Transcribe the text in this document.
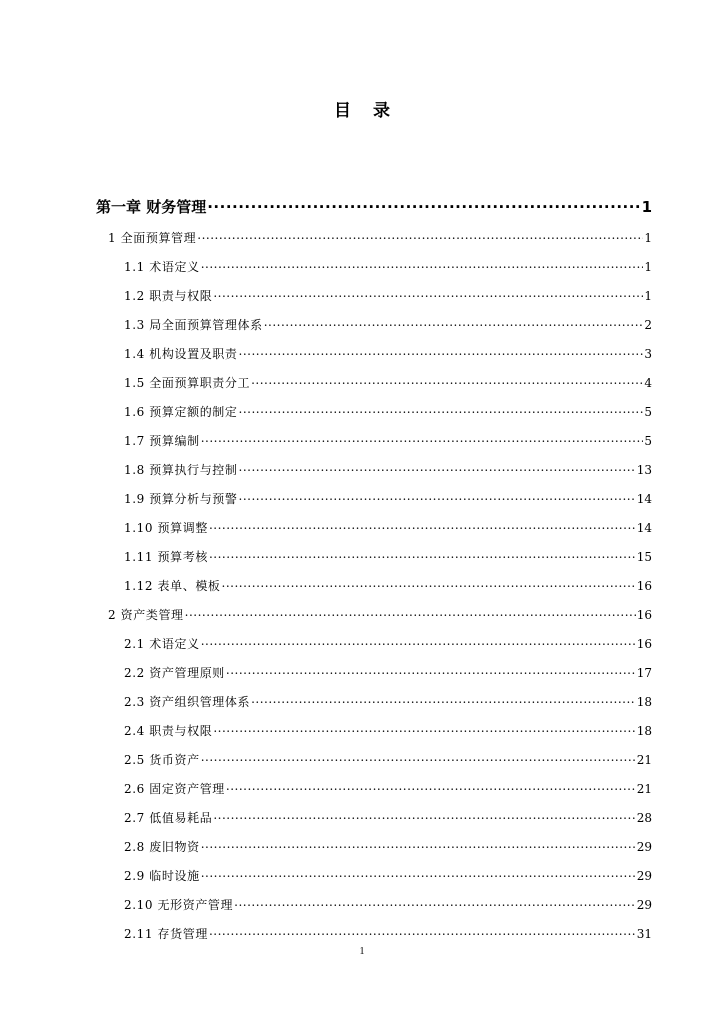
目 录
第一章 财务管理 .....	1
1 全面预算管理 .....	1
1.1 术语定义 .....	1
1.2 职责与权限 .....	1
1.3 局全面预算管理体系 .....	2
1.4 机构设置及职责 .....	3
1.5 全面预算职责分工 .....	4
1.6 预算定额的制定 .....	5
1.7 预算编制 .....	5
1.8 预算执行与控制 .....	13
1.9 预算分析与预警 .....	14
1.10 预算调整 .....	14
1.11 预算考核 .....	15
1.12 表单、模板 .....	16
2 资产类管理 .....	16
2.1 术语定义 .....	16
2.2 资产管理原则 .....	17
2.3 资产组织管理体系 .....	18
2.4 职责与权限 .....	18
2.5 货币资产 .....	21
2.6 固定资产管理 .....	21
2.7 低值易耗品 .....	28
2.8 废旧物资 .....	29
2.9 临时设施 .....	29
2.10 无形资产管理 .....	29
2.11 存货管理 .....	31
1
